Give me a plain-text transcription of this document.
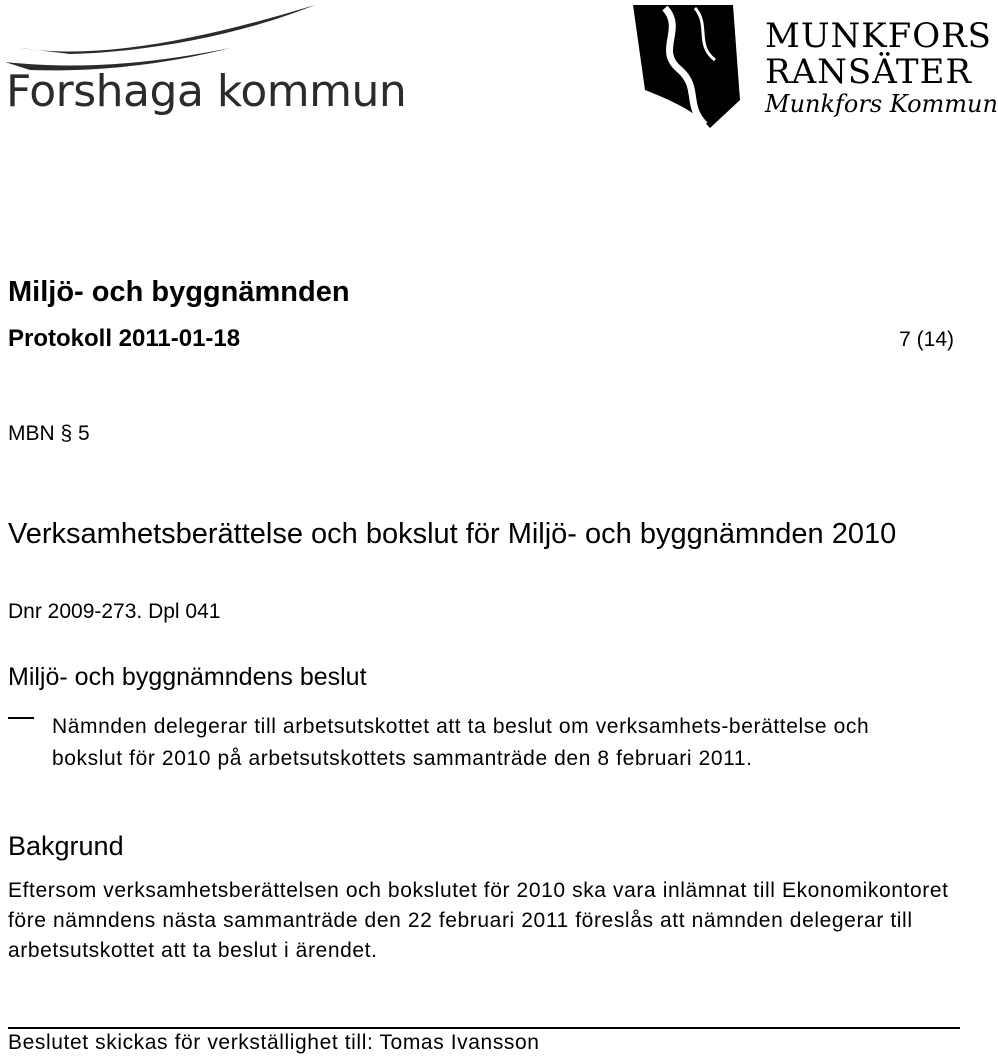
Forshaga kommun
MUNKFORS
RANSÄTER
Munkfors Kommun
Miljö- och byggnämnden
Protokoll 2011-01-18	7 (14)
MBN § 5
Verksamhetsberättelse och bokslut för Miljö- och byggnämnden 2010
Dnr 2009-273. Dpl 041
Miljö- och byggnämndens beslut
Nämnden delegerar till arbetsutskottet att ta beslut om verksamhets-berättelse och bokslut för 2010 på arbetsutskottets sammanträde den 8 februari 2011.
Bakgrund
Eftersom verksamhetsberättelsen och bokslutet för 2010 ska vara inlämnat till Ekonomikontoret före nämndens nästa sammanträde den 22 februari 2011 föreslås att nämnden delegerar till arbetsutskottet att ta beslut i ärendet.
Beslutet skickas för verkställighet till: Tomas Ivansson
